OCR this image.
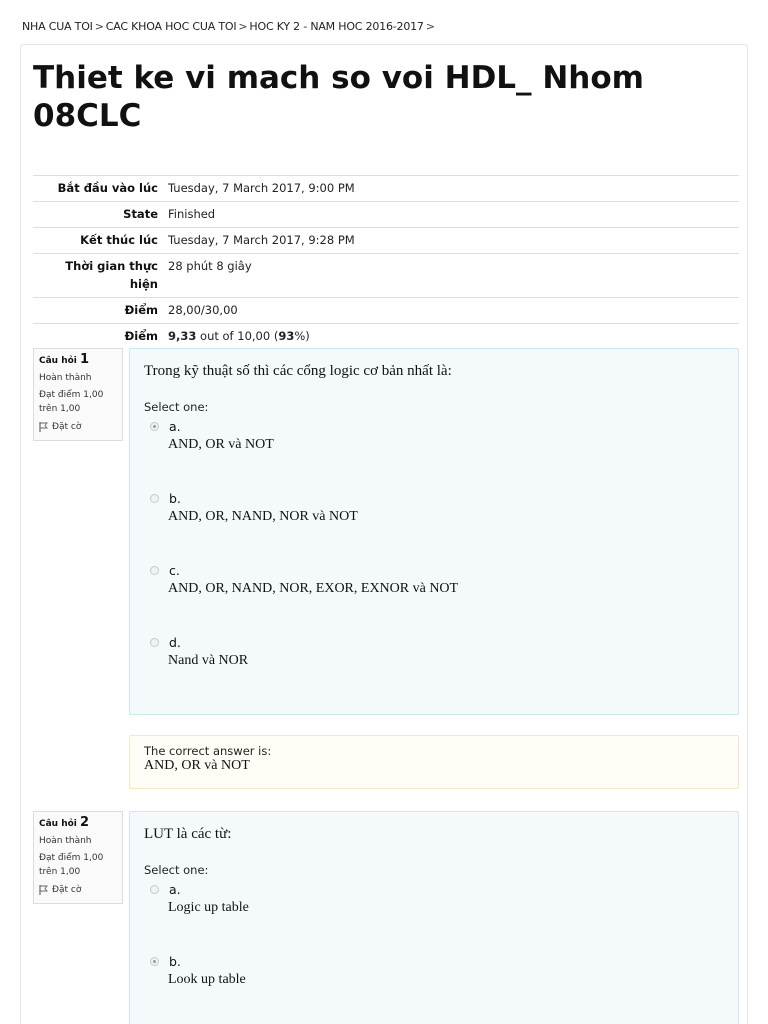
NHA CUA TOI > CAC KHOA HOC CUA TOI > HOC KY 2 - NAM HOC 2016-2017 >
Thiet ke vi mach so voi HDL_ Nhom 08CLC
Bắt đầu vào lúc	Tuesday, 7 March 2017, 9:00 PM
State	Finished
Kết thúc lúc	Tuesday, 7 March 2017, 9:28 PM
Thời gian thực hiện	28 phút 8 giây
Điểm	28,00/30,00
Điểm	9,33 out of 10,00 (93%)
Câu hỏi 1
Hoàn thành
Đạt điểm 1,00 trên 1,00
Đặt cờ
Trong kỹ thuật số thì các cổng logic cơ bản nhất là:
Select one:
a.
AND, OR và NOT
b.
AND, OR, NAND, NOR và NOT
c.
AND, OR, NAND, NOR, EXOR, EXNOR và NOT
d.
Nand và NOR
The correct answer is:
AND, OR và NOT
Câu hỏi 2
Hoàn thành
Đạt điểm 1,00 trên 1,00
Đặt cờ
LUT là các từ:
Select one:
a.
Logic up table
b.
Look up table
